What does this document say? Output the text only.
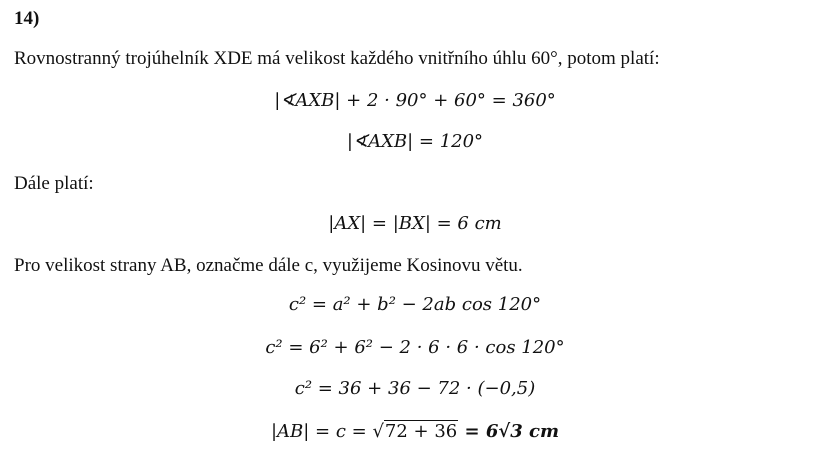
14)
Rovnostranný trojúhelník XDE má velikost každého vnitřního úhlu 60°, potom platí:
|∢AXB| + 2 · 90° + 60° = 360°
|∢AXB| = 120°
Dále platí:
|AX| = |BX| = 6 cm
Pro velikost strany AB, označme dále c, využijeme Kosinovu větu.
c² = a² + b² − 2ab cos 120°
c² = 6² + 6² − 2 · 6 · 6 · cos 120°
c² = 36 + 36 − 72 · (−0,5)
|AB| = c = √72 + 36 = 6√3 cm
